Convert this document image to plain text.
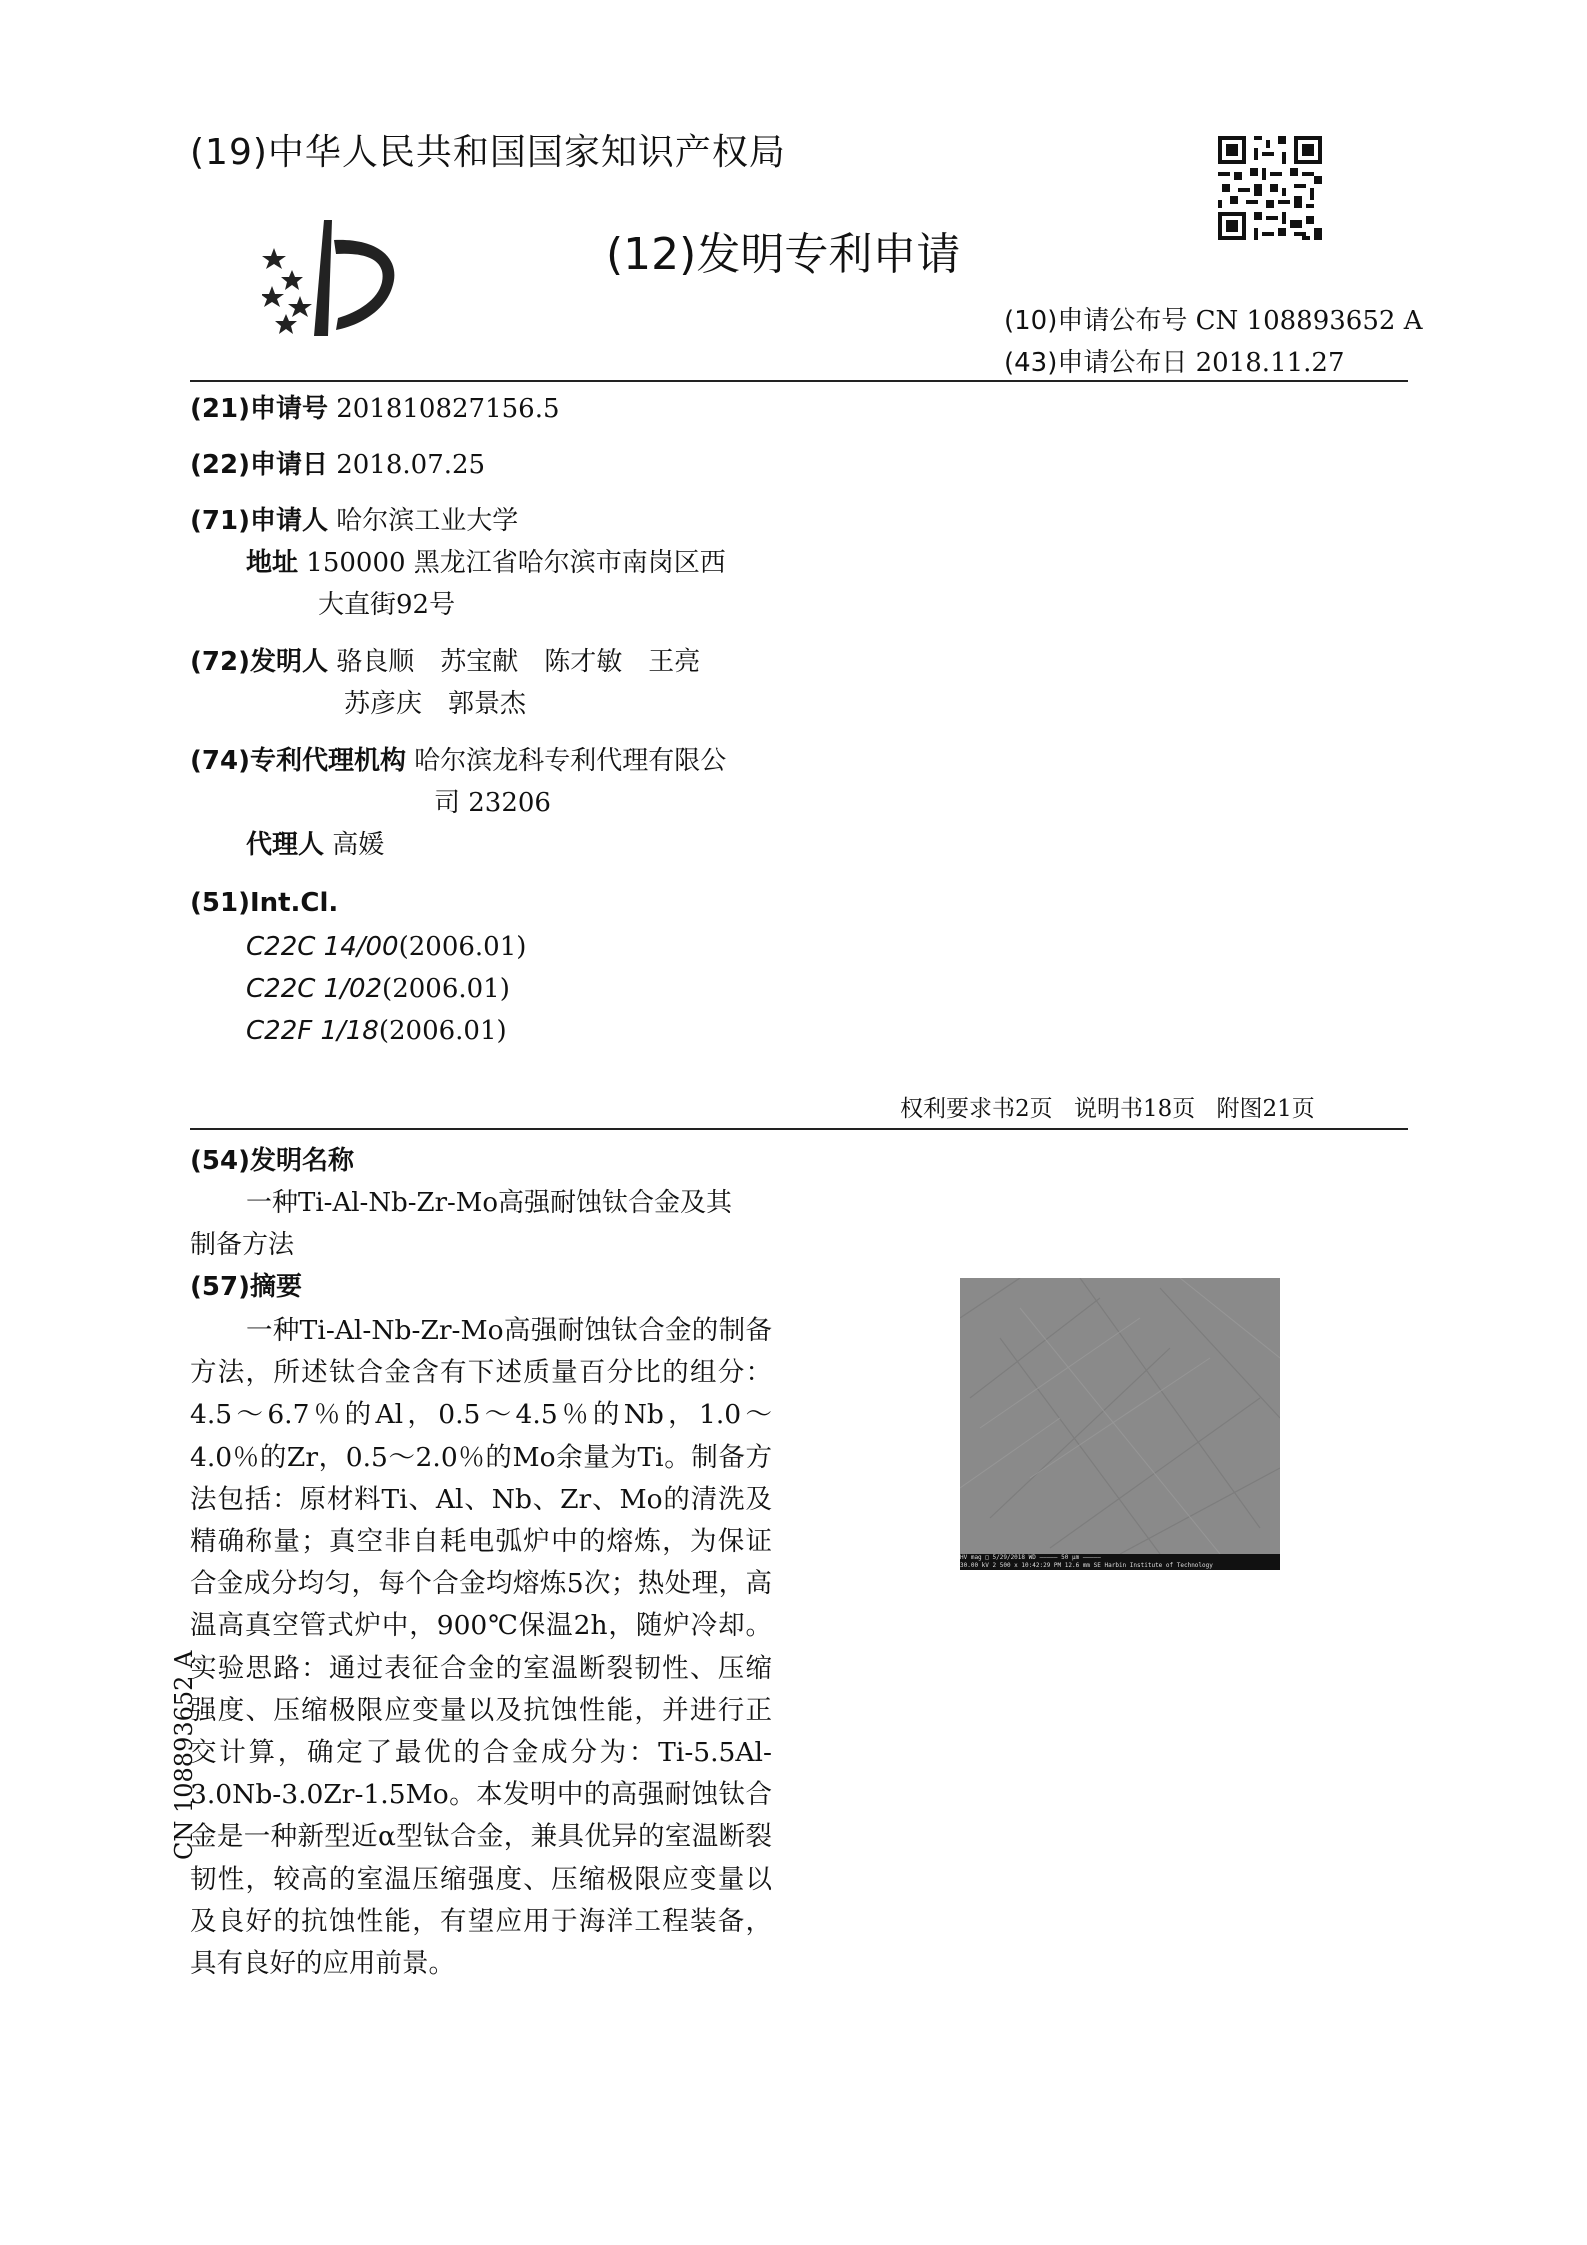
(19)中华人民共和国国家知识产权局
(12)发明专利申请
(10)申请公布号 CN 108893652 A
(43)申请公布日 2018.11.27
(21)申请号 201810827156.5
(22)申请日 2018.07.25
(71)申请人 哈尔滨工业大学
地址 150000 黑龙江省哈尔滨市南岗区西
大直街92号
(72)发明人 骆良顺　苏宝献　陈才敏　王亮
苏彦庆　郭景杰
(74)专利代理机构 哈尔滨龙科专利代理有限公
司 23206
代理人 高媛
(51)Int.Cl.
C22C 14/00(2006.01)
C22C 1/02(2006.01)
C22F 1/18(2006.01)
权利要求书2页 说明书18页 附图21页
(54)发明名称
一种Ti-Al-Nb-Zr-Mo高强耐蚀钛合金及其
制备方法
(57)摘要
一种Ti-Al-Nb-Zr-Mo高强耐蚀钛合金的制备方法，所述钛合金含有下述质量百分比的组分：4.5～6.7％的Al，0.5～4.5％的Nb，1.0～4.0％的Zr，0.5～2.0％的Mo余量为Ti。制备方法包括：原材料Ti、Al、Nb、Zr、Mo的清洗及精确称量；真空非自耗电弧炉中的熔炼，为保证合金成分均匀，每个合金均熔炼5次；热处理，高温高真空管式炉中，900℃保温2h，随炉冷却。实验思路：通过表征合金的室温断裂韧性、压缩强度、压缩极限应变量以及抗蚀性能，并进行正交计算，确定了最优的合金成分为：Ti-5.5Al-3.0Nb-3.0Zr-1.5Mo。本发明中的高强耐蚀钛合金是一种新型近α型钛合金，兼具优异的室温断裂韧性，较高的室温压缩强度、压缩极限应变量以及良好的抗蚀性能，有望应用于海洋工程装备，具有良好的应用前景。
HV mag □ 5/29/2018 WD ————— 50 μm —————
30.00 kV 2 500 x 10:42:29 PM 12.6 mm SE Harbin Institute of Technology
CN 108893652 A
